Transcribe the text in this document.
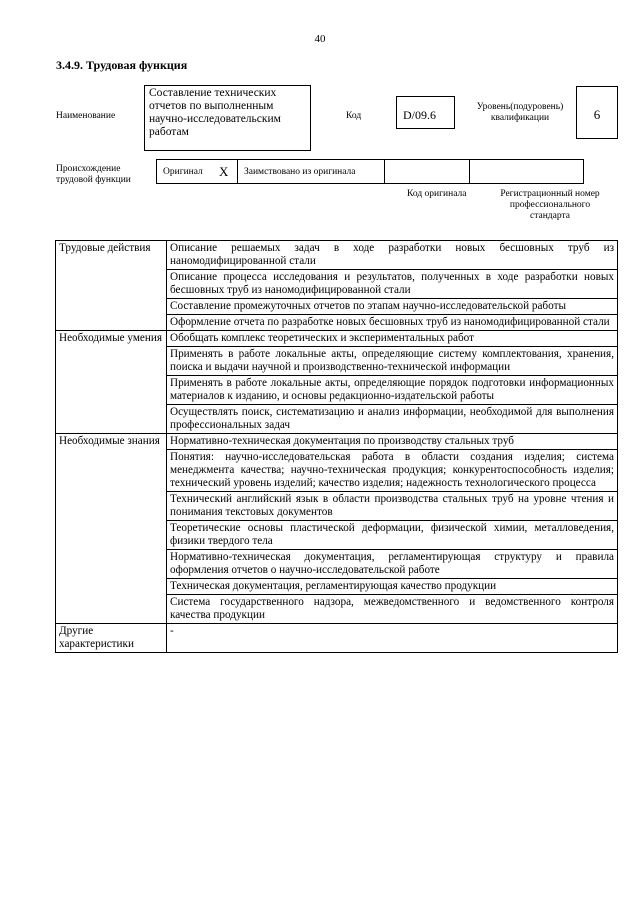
40
3.4.9. Трудовая функция
Наименование
Составление технических отчетов по выполненным научно-исследовательским работам
Код	D/09.6
Уровень(подуровень) квалификации	6
Происхождение трудовой функции
Оригинал	X	Заимствовано из оригинала		
Код оригинала	Регистрационный номер профессионального стандарта
Трудовые действия	Описание решаемых задач в ходе разработки новых бесшовных труб из наномодифицированной стали
	Описание процесса исследования и результатов, полученных в ходе разработки новых бесшовных труб из наномодифицированной стали
	Составление промежуточных отчетов по этапам научно-исследовательской работы
	Оформление отчета по разработке новых бесшовных труб из наномодифицированной стали
Необходимые умения	Обобщать комплекс теоретических и экспериментальных работ
	Применять в работе локальные акты, определяющие систему комплектования, хранения, поиска и выдачи научной и производственно-технической информации
	Применять в работе локальные акты, определяющие порядок подготовки информационных материалов к изданию, и основы редакционно-издательской работы
	Осуществлять поиск, систематизацию и анализ информации, необходимой для выполнения профессиональных задач
Необходимые знания	Нормативно-техническая документация по производству стальных труб
	Понятия: научно-исследовательская работа в области создания изделия; система менеджмента качества; научно-техническая продукция; конкурентоспособность изделия; технический уровень изделий; качество изделия; надежность технологического процесса
	Технический английский язык в области производства стальных труб на уровне чтения и понимания текстовых документов
	Теоретические основы пластической деформации, физической химии, металловедения, физики твердого тела
	Нормативно-техническая документация, регламентирующая структуру и правила оформления отчетов о научно-исследовательской работе
	Техническая документация, регламентирующая качество продукции
	Система государственного надзора, межведомственного и ведомственного контроля качества продукции
Другие характеристики	-
